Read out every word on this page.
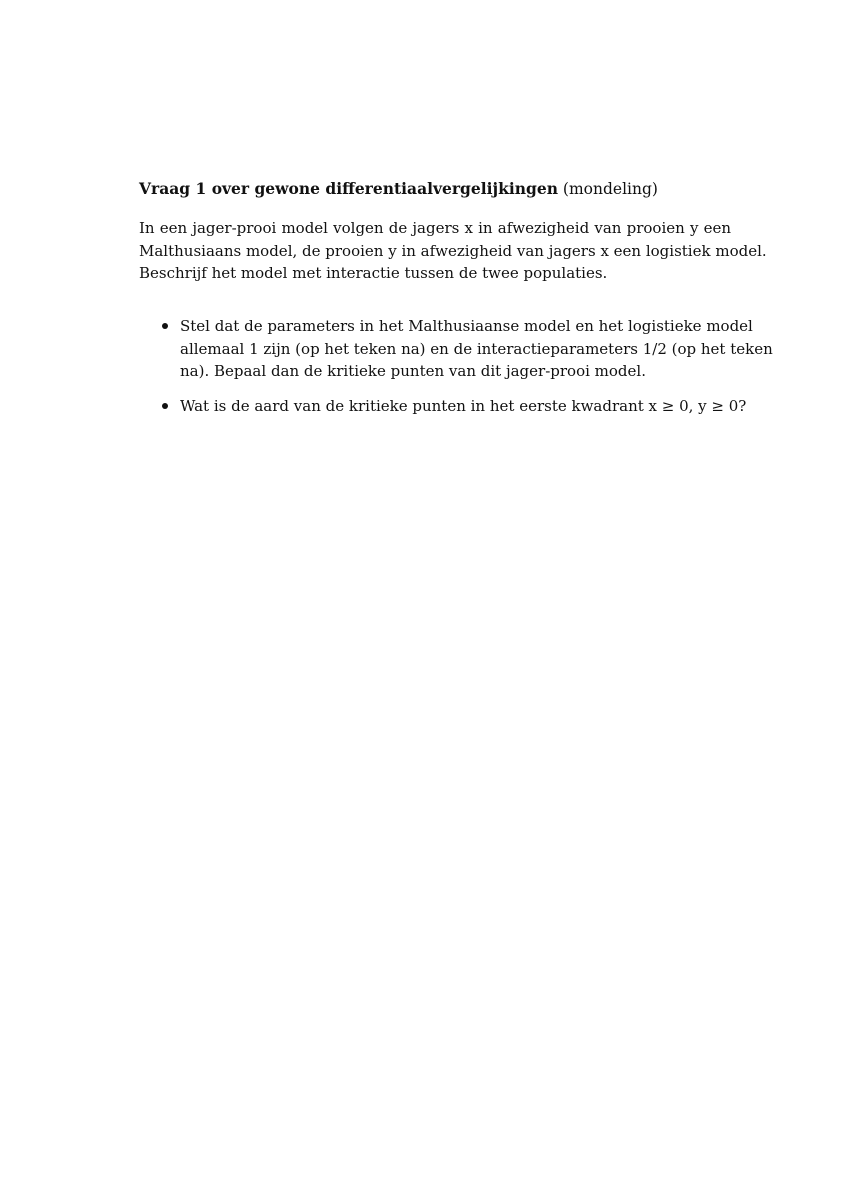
Vraag 1 over gewone differentiaalvergelijkingen (mondeling)
In een jager-prooi model volgen de jagers x in afwezigheid van prooien y een
Malthusiaans model, de prooien y in afwezigheid van jagers x een logistiek model.
Beschrijf het model met interactie tussen de twee populaties.
Stel dat de parameters in het Malthusiaanse model en het logistieke model
allemaal 1 zijn (op het teken na) en de interactieparameters 1/2 (op het teken
na). Bepaal dan de kritieke punten van dit jager-prooi model.
Wat is de aard van de kritieke punten in het eerste kwadrant x ≥ 0, y ≥ 0?
